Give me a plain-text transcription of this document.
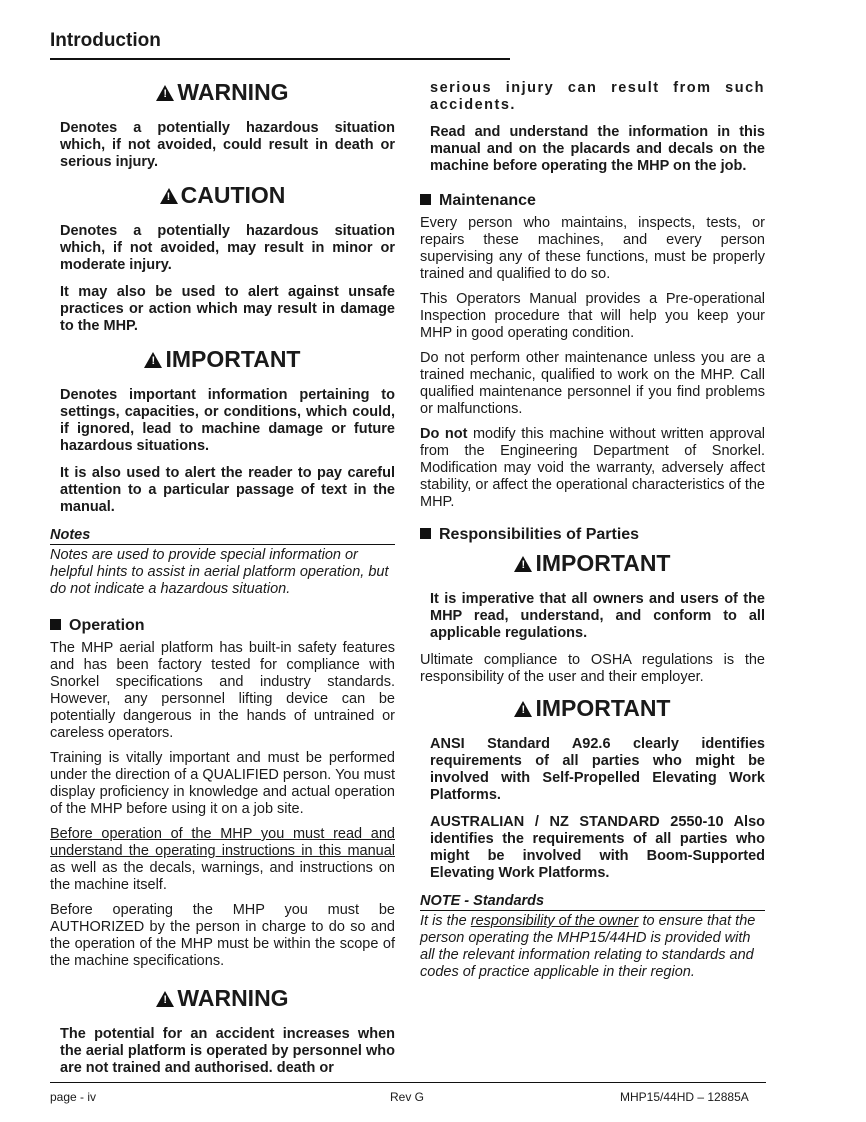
Introduction
!WARNING

Denotes a potentially hazardous situation which, if not avoided, could result in death or serious injury.

!CAUTION

Denotes a potentially hazardous situation which, if not avoided, may result in minor or moderate injury.

It may also be used to alert against unsafe practices or action which may result in damage to the MHP.

!IMPORTANT

Denotes important information pertaining to settings, capacities, or conditions, which could, if ignored, lead to machine damage or future hazardous situations.

It is also used to alert the reader to pay careful attention to a particular passage of text in the manual.

Notes
Notes are used to provide special information or helpful hints to assist in aerial platform operation, but do not indicate a hazardous situation.
Operation

The MHP aerial platform has built-in safety features and has been factory tested for compliance with Snorkel specifications and industry standards. However, any personnel lifting device can be potentially dangerous in the hands of untrained or careless operators.

Training is vitally important and must be performed under the direction of a QUALIFIED person. You must display proficiency in knowledge and actual operation of the MHP before using it on a job site.

Before operation of the MHP you must read and understand the operating instructions in this manual as well as the decals, warnings, and instructions on the machine itself.

Before operating the MHP you must be AUTHORIZED by the person in charge to do so and the operation of the MHP must be within the scope of the machine specifications.

!WARNING

The potential for an accident increases when the aerial platform is operated by personnel who are not trained and authorised. death or

serious injury can result from such accidents.

Read and understand the information in this manual and on the placards and decals on the machine before operating the MHP on the job.

Maintenance

Every person who maintains, inspects, tests, or repairs these machines, and every person supervising any of these functions, must be properly trained and qualified to do so.

This Operators Manual provides a Pre-operational Inspection procedure that will help you keep your MHP in good operating condition.

Do not perform other maintenance unless you are a trained mechanic, qualified to work on the MHP. Call qualified maintenance personnel if you find problems or malfunctions.

Do not modify this machine without written approval from the Engineering Department of Snorkel. Modification may void the warranty, adversely affect stability, or affect the operational characteristics of the MHP.

Responsibilities of Parties
!IMPORTANT

It is imperative that all owners and users of the MHP read, understand, and conform to all applicable regulations.

Ultimate compliance to OSHA regulations is the responsibility of the user and their employer.

!IMPORTANT

ANSI Standard A92.6 clearly identifies requirements of all parties who might be involved with Self-Propelled Elevating Work Platforms.

AUSTRALIAN / NZ STANDARD 2550-10 Also identifies the requirements of all parties who might be involved with Boom-Supported Elevating Work Platforms.

NOTE - Standards
It is the responsibility of the owner to ensure that the person operating the MHP15/44HD is provided with all the relevant information relating to standards and codes of practice applicable in their region.
page - iv	Rev G	MHP15/44HD – 12885A
